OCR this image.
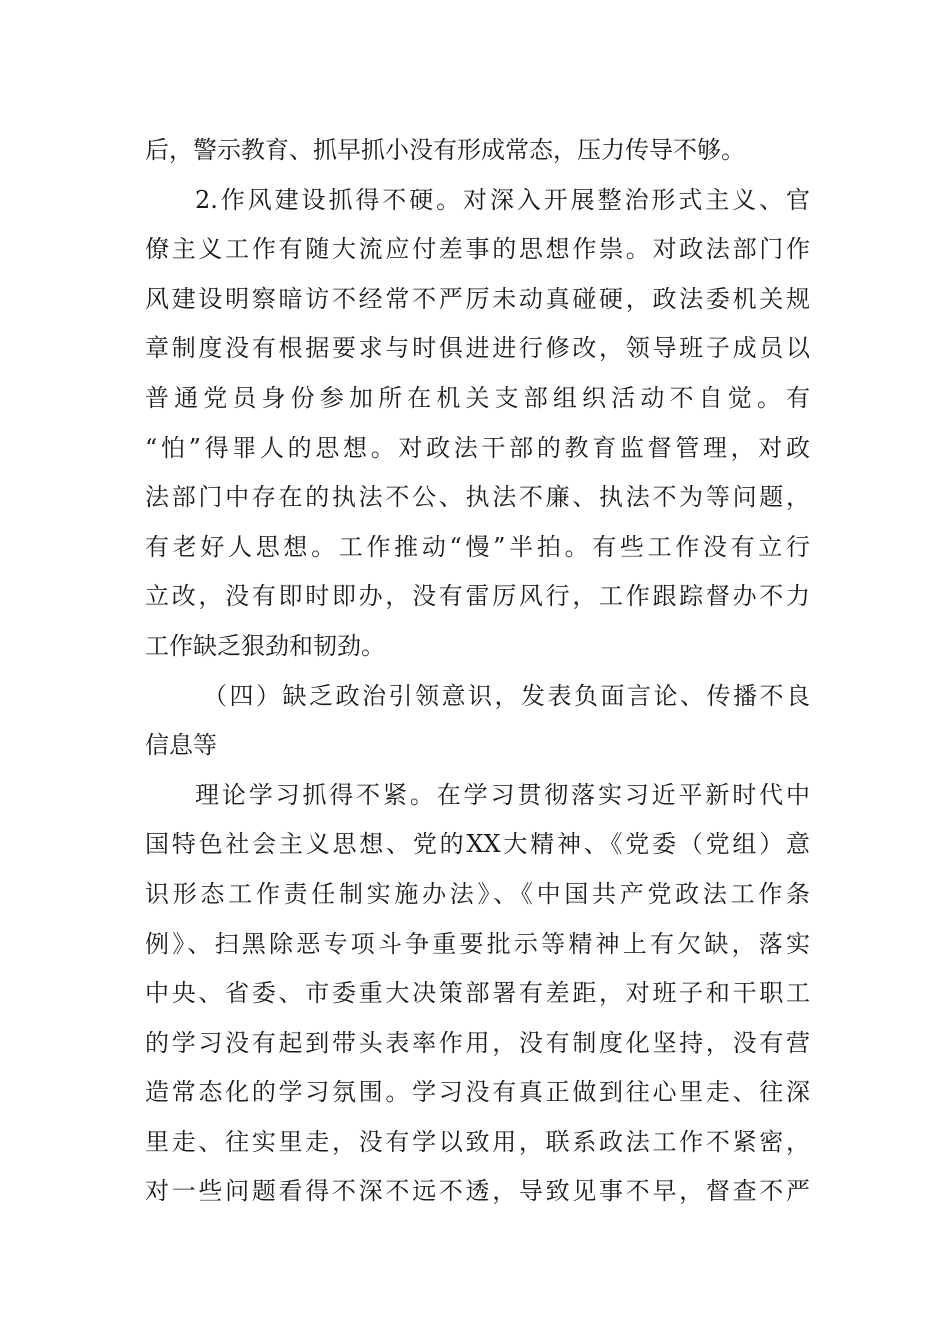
后，警示教育、抓早抓小没有形成常态，压力传导不够。
2.作风建设抓得不硬。对深入开展整治形式主义、官
僚主义工作有随大流应付差事的思想作祟。对政法部门作
风建设明察暗访不经常不严厉未动真碰硬，政法委机关规
章制度没有根据要求与时俱进进行修改，领导班子成员以
普通党员身份参加所在机关支部组织活动不自觉。有
“怕”得罪人的思想。对政法干部的教育监督管理，对政
法部门中存在的执法不公、执法不廉、执法不为等问题，
有老好人思想。工作推动“慢”半拍。有些工作没有立行
立改，没有即时即办，没有雷厉风行，工作跟踪督办不力
工作缺乏狠劲和韧劲。
（四）缺乏政治引领意识，发表负面言论、传播不良
信息等
理论学习抓得不紧。在学习贯彻落实习近平新时代中
国特色社会主义思想、党的XX大精神、《党委（党组）意
识形态工作责任制实施办法》、《中国共产党政法工作条
例》、扫黑除恶专项斗争重要批示等精神上有欠缺，落实
中央、省委、市委重大决策部署有差距，对班子和干职工
的学习没有起到带头表率作用，没有制度化坚持，没有营
造常态化的学习氛围。学习没有真正做到往心里走、往深
里走、往实里走，没有学以致用，联系政法工作不紧密，
对一些问题看得不深不远不透，导致见事不早，督查不严
